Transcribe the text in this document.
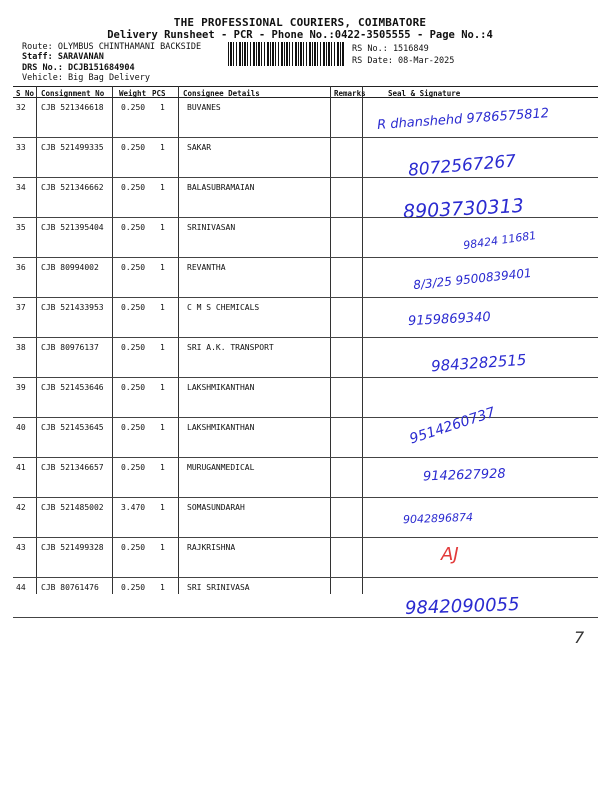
THE PROFESSIONAL COURIERS, COIMBATORE
Delivery Runsheet - PCR - Phone No.:0422-3505555 - Page No.:4
Route: OLYMBUS CHINTHAMANI BACKSIDE
Staff: SARAVANAN
DRS No.: DCJB151684904
Vehicle: Big Bag Delivery
RS No.: 1516849
RS Date: 08-Mar-2025
S No Consignment No Weight PCS Consignee Details	Remarks	Seal & Signature
32 CJB 521346618 0.250 1	BUVANES	R dhanshehd 9786575812
33 CJB 521499335 0.250 1	SAKAR
8072567267
34 CJB 521346662 0.250 1	BALASUBRAMAIAN
8903730313
35 CJB 521395404 0.250 1	SRINIVASAN
98424 11681
36 CJB 80994002	0.250 1	REVANTHA	8/3/25 9500839401
37 CJB 521433953 0.250 1	C M S CHEMICALS
9159869340
38 CJB 80976137	0.250 1	SRI A.K. TRANSPORT
9843282515
39 CJB 521453646 0.250 1	LAKSHMIKANTHAN
40 CJB 521453645 0.250 1	LAKSHMIKANTHAN	9514260737
41 CJB 521346657 0.250 1	MURUGANMEDICAL	9142627928
42 CJB 521485002 3.470 1	SOMASUNDARAH
9042896874
43 CJB 521499328 0.250 1	RAJKRISHNA	AJ
44 CJB 80761476	0.250 1	SRI SRINIVASA
9842090055
7
